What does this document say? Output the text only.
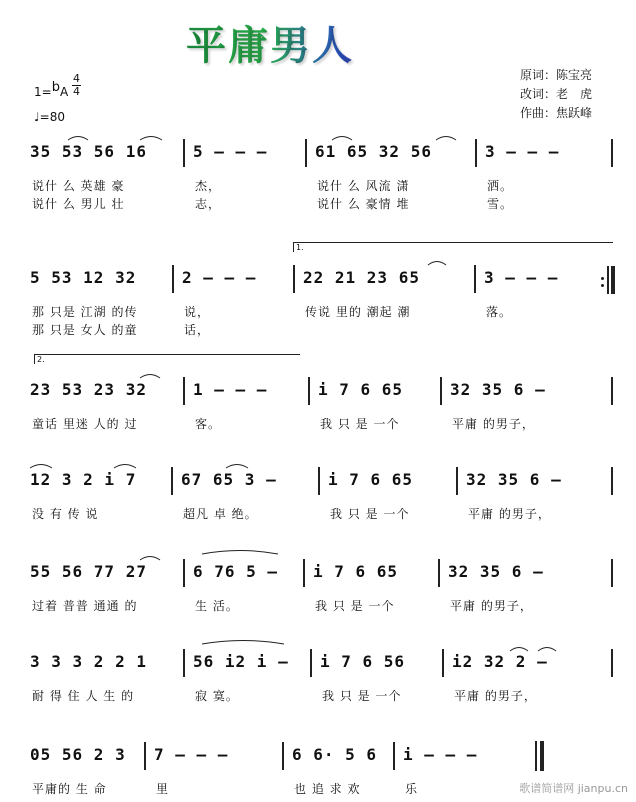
平庸男人
原词：陈宝亮
改词：老　虎
作曲：焦跃峰
1=$^b$A
4
4
♩=80
35 53 56 16
说什 么 英雄 豪
说什 么 男儿 壮
5 – – –
杰，
志，
61 65 32 56
说什 么 风流 潇
说什 么 豪情 堆
3 – – –
洒。
雪。
5 53 12 32
那 只是 江湖 的传
那 只是 女人 的童
2 – – –
说，
话，
22 21 23 65
传说 里的 潮起 潮
3 – – –
落。
1.
23 53 23 32
童话 里迷 人的 过
1 – – –
客。
i 7 6 65
我 只 是 一个
32 35 6 –
平庸 的男子，
2.
12 3 2 i 7
没 有 传 说
67 65 3 –
超凡 卓 绝。
i 7 6 65
我 只 是 一个
32 35 6 –
平庸 的男子，
55 56 77 27
过着 普普 通通 的
6 76 5 –
生 活。
i 7 6 65
我 只 是 一个
32 35 6 –
平庸 的男子，
3 3 3 2 2 1
耐 得 住 人 生 的
56 i2 i –
寂 寞。
i 7 6 56
我 只 是 一个
i2 32 2 –
平庸 的男子，
05 56 2 3
平庸的 生 命
7 – – –
里
6 6· 5 6
也 追 求 欢
i – – –
乐	歌谱简谱网 jianpu.cn
